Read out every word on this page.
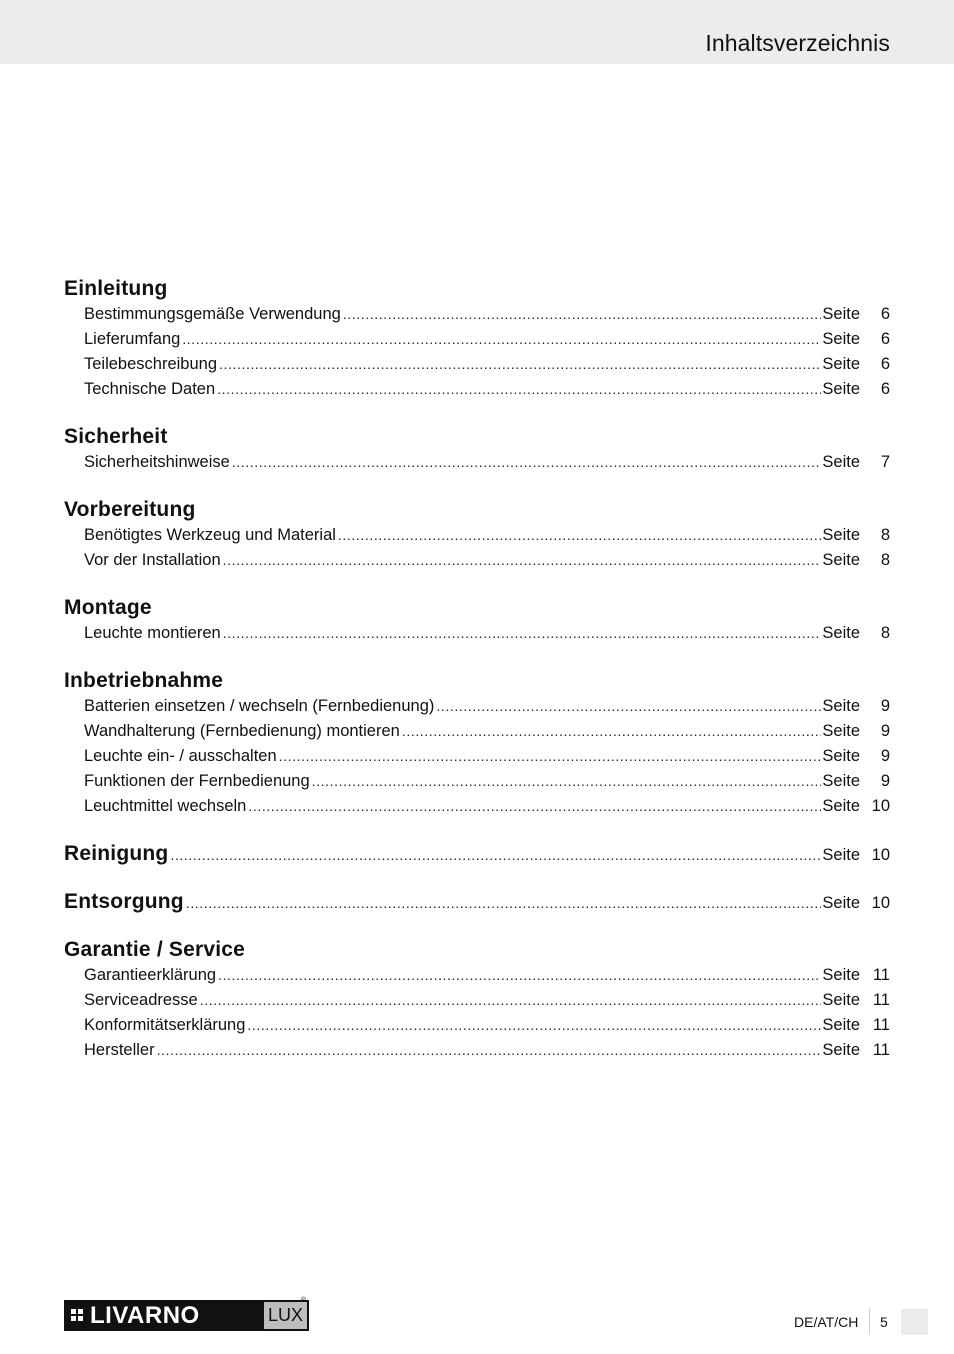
Inhaltsverzeichnis
Einleitung
Bestimmungsgemäße Verwendung .....	Seite	6
Lieferumfang .....	Seite	6
Teilebeschreibung .....	Seite	6
Technische Daten .....	Seite	6
Sicherheit
Sicherheitshinweise .....	Seite	7
Vorbereitung
Benötigtes Werkzeug und Material .....	Seite	8
Vor der Installation .....	Seite	8
Montage
Leuchte montieren .....	Seite	8
Inbetriebnahme
Batterien einsetzen / wechseln (Fernbedienung) .....	Seite	9
Wandhalterung (Fernbedienung) montieren .....	Seite	9
Leuchte ein- / ausschalten .....	Seite	9
Funktionen der Fernbedienung .....	Seite	9
Leuchtmittel wechseln .....	Seite 10
Reinigung .....	Seite 10
Entsorgung .....	Seite 10
Garantie / Service
Garantieerklärung .....	Seite 11
Serviceadresse .....	Seite 11
Konformitätserklärung .....	Seite 11
Hersteller .....	Seite 11
LIVARNO	LUX
®
DE/AT/CH 5
